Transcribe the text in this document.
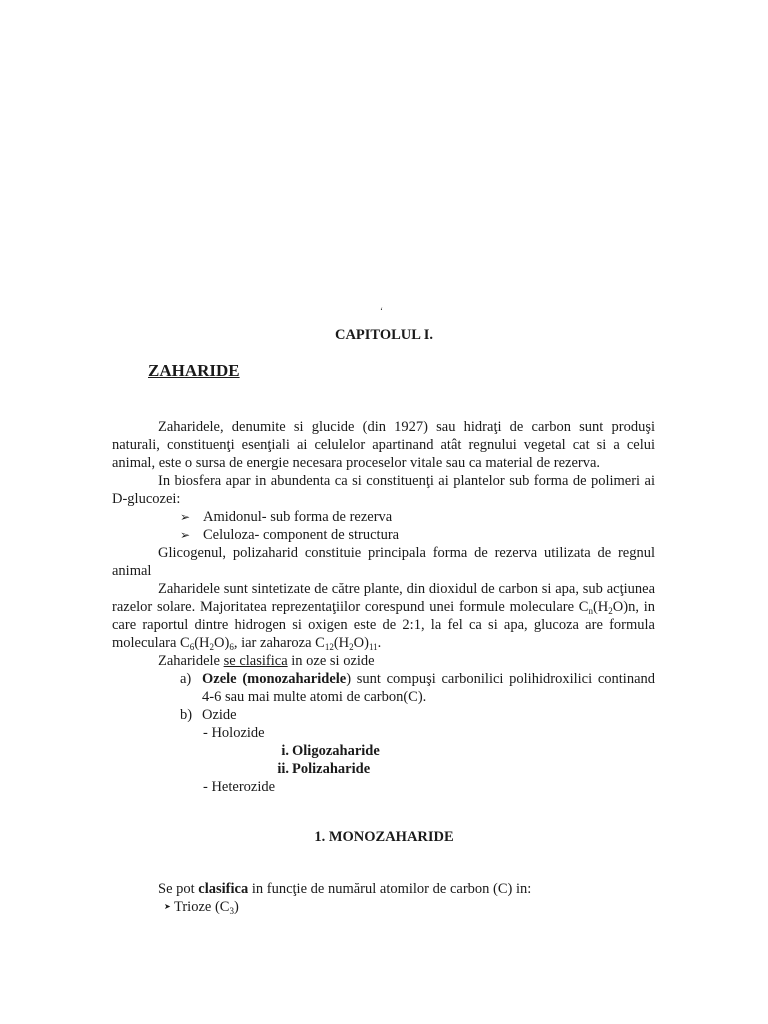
‘
CAPITOLUL I.
ZAHARIDE

Zaharidele, denumite si glucide (din 1927) sau hidraţi de carbon sunt produşi naturali, constituenţi esenţiali ai celulelor apartinand atât regnului vegetal cat si a celui animal, este o sursa de energie necesara proceselor vitale sau ca material de rezerva.

In biosfera apar in abundenta ca si constituenţi ai plantelor sub forma de polimeri ai D-glucozei:

➢ Amidonul- sub forma de rezerva
➢ Celuloza- component de structura

Glicogenul, polizaharid constituie principala forma de rezerva utilizata de regnul animal

Zaharidele sunt sintetizate de către plante, din dioxidul de carbon si apa, sub acţiunea razelor solare. Majoritatea reprezentaţiilor corespund unei formule moleculare $C_n(H_2O)n$, in care raportul dintre hidrogen si oxigen este de 2:1, la fel ca si apa, glucoza are formula moleculara $C_6(H_2O)_6$, iar zaharoza $C_{12}(H_2O)_{11}$.

Zaharidele se clasifica in oze si ozide

a) Ozele (monozaharidele) sunt compuşi carbonilici polihidroxilici continand 4-6 sau mai multe atomi de carbon(C).
b) Ozide
- Holozide
i. Oligozaharide
ii. Polizaharide
- Heterozide
1. MONOZAHARIDE

Se pot clasifica in funcţie de numărul atomilor de carbon (C) in:

➤ Trioze $(C_3)$
